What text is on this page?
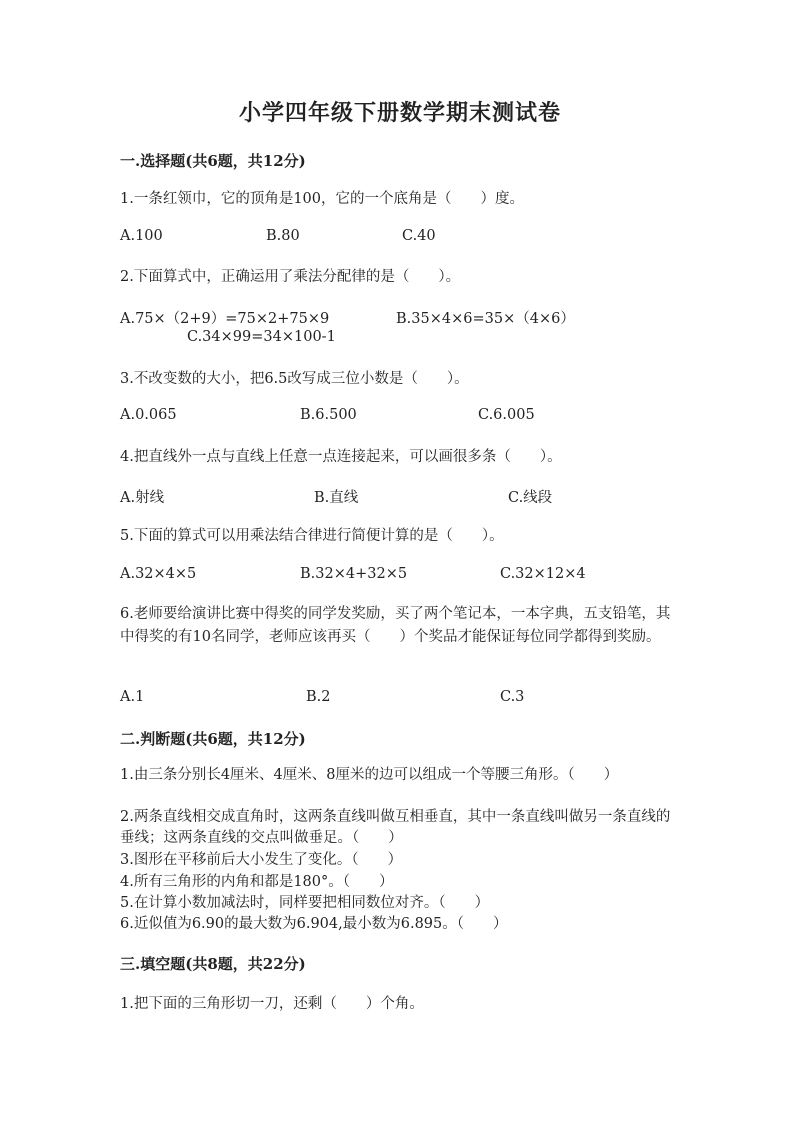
小学四年级下册数学期末测试卷
一.选择题(共6题，共12分)
1.一条红领巾，它的顶角是100，它的一个底角是（　　）度。
A.100	B.80	C.40
2.下面算式中，正确运用了乘法分配律的是（　　）。
A.75×（2+9）=75×2+75×9	B.35×4×6=35×（4×6）
C.34×99=34×100-1
3.不改变数的大小，把6.5改写成三位小数是（　　）。
A.0.065	B.6.500	C.6.005
4.把直线外一点与直线上任意一点连接起来，可以画很多条（　　）。
A.射线	B.直线	C.线段
5.下面的算式可以用乘法结合律进行简便计算的是（　　）。
A.32×4×5	B.32×4+32×5	C.32×12×4
6.老师要给演讲比赛中得奖的同学发奖励，买了两个笔记本，一本字典，五支铅笔，其中得奖的有10名同学，老师应该再买（　　）个奖品才能保证每位同学都得到奖励。
A.1	B.2	C.3
二.判断题(共6题，共12分)
1.由三条分别长4厘米、4厘米、8厘米的边可以组成一个等腰三角形。（　　）
2.两条直线相交成直角时，这两条直线叫做互相垂直，其中一条直线叫做另一条直线的垂线；这两条直线的交点叫做垂足。（　　）
3.图形在平移前后大小发生了变化。（　　）
4.所有三角形的内角和都是180°。（　　）
5.在计算小数加减法时，同样要把相同数位对齐。（　　）
6.近似值为6.90的最大数为6.904,最小数为6.895。（　　）
三.填空题(共8题，共22分)
1.把下面的三角形切一刀，还剩（　　）个角。
